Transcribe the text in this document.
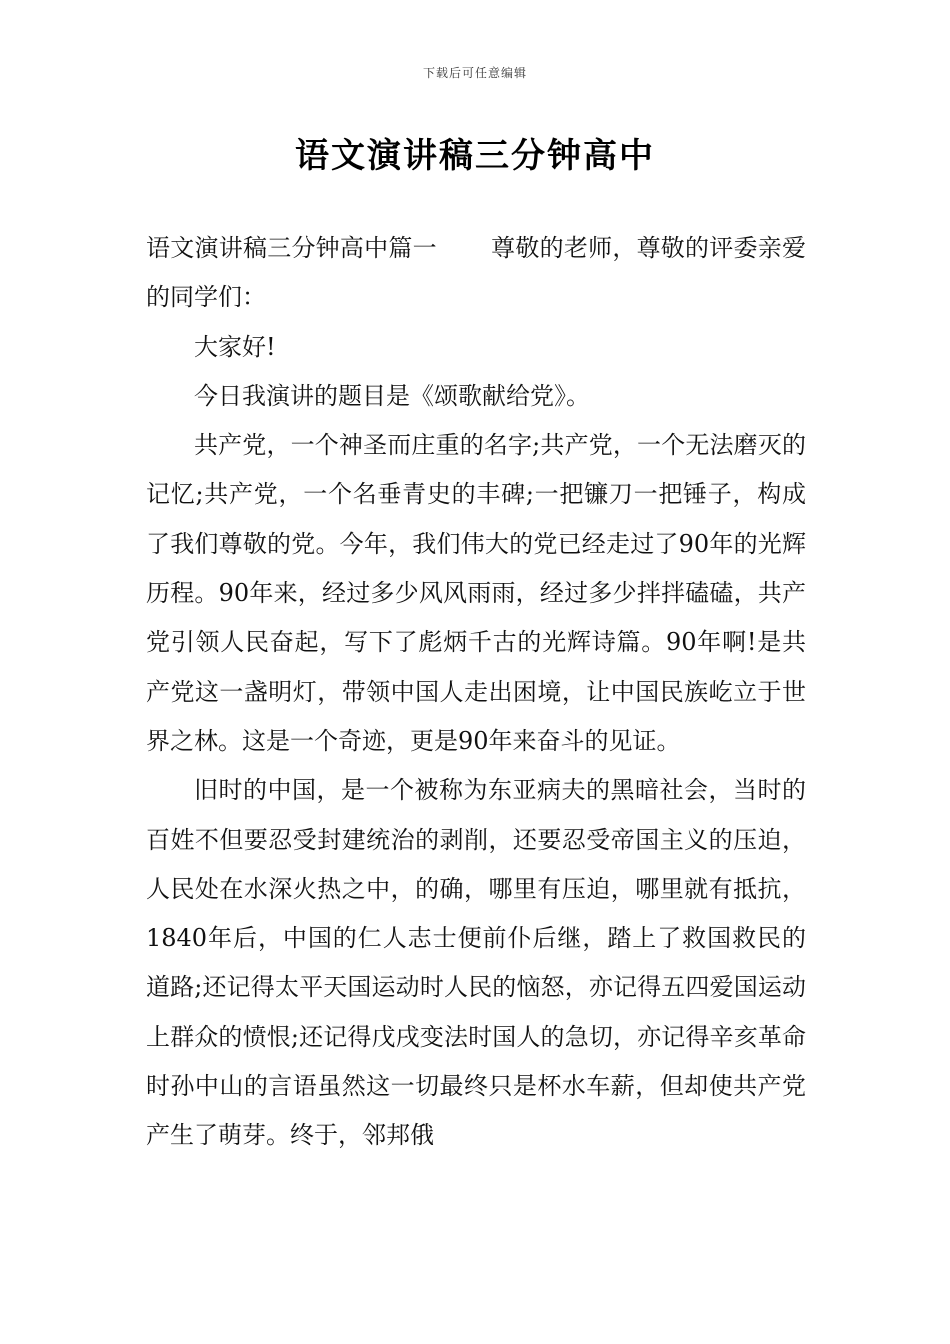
下载后可任意编辑
语文演讲稿三分钟高中

语文演讲稿三分钟高中篇一 尊敬的老师，尊敬的评委亲爱的同学们：

大家好!

今日我演讲的题目是《颂歌献给党》。

共产党，一个神圣而庄重的名字;共产党，一个无法磨灭的记忆;共产党，一个名垂青史的丰碑;一把镰刀一把锤子，构成了我们尊敬的党。今年，我们伟大的党已经走过了90年的光辉历程。90年来，经过多少风风雨雨，经过多少拌拌磕磕，共产党引领人民奋起，写下了彪炳千古的光辉诗篇。90年啊!是共产党这一盏明灯，带领中国人走出困境，让中国民族屹立于世界之林。这是一个奇迹，更是90年来奋斗的见证。

旧时的中国，是一个被称为东亚病夫的黑暗社会，当时的百姓不但要忍受封建统治的剥削，还要忍受帝国主义的压迫，人民处在水深火热之中，的确，哪里有压迫，哪里就有抵抗，1840年后，中国的仁人志士便前仆后继，踏上了救国救民的道路;还记得太平天国运动时人民的恼怒，亦记得五四爱国运动上群众的愤恨;还记得戊戌变法时国人的急切，亦记得辛亥革命时孙中山的言语虽然这一切最终只是杯水车薪，但却使共产党产生了萌芽。终于，邻邦俄
